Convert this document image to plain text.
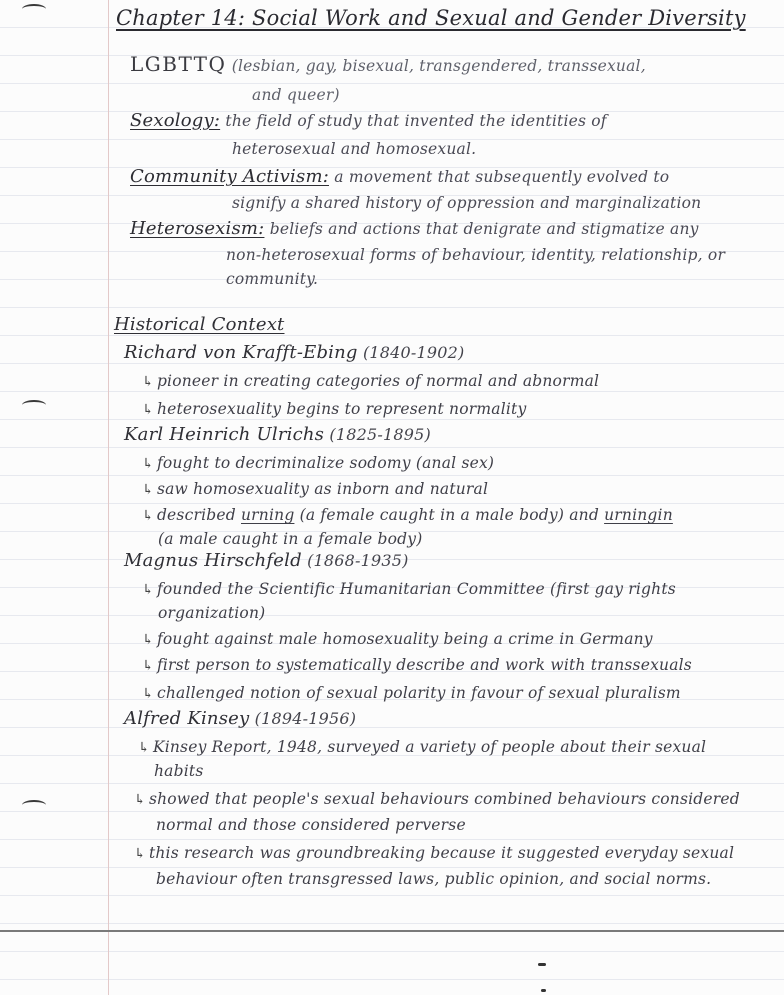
Chapter 14: Social Work and Sexual and Gender Diversity
LGBTTQ (lesbian, gay, bisexual, transgendered, transsexual,
and queer)
Sexology: the field of study that invented the identities of
heterosexual and homosexual.
Community Activism: a movement that subsequently evolved to
signify a shared history of oppression and marginalization
Heterosexism: beliefs and actions that denigrate and stigmatize any
non-heterosexual forms of behaviour, identity, relationship, or
community.
Historical Context
Richard von Krafft-Ebing (1840-1902)
↳ pioneer in creating categories of normal and abnormal
↳ heterosexuality begins to represent normality
Karl Heinrich Ulrichs (1825-1895)
↳ fought to decriminalize sodomy (anal sex)
↳ saw homosexuality as inborn and natural
↳ described urning (a female caught in a male body) and urningin
(a male caught in a female body)
Magnus Hirschfeld (1868-1935)
↳ founded the Scientific Humanitarian Committee (first gay rights
organization)
↳ fought against male homosexuality being a crime in Germany
↳ first person to systematically describe and work with transsexuals
↳ challenged notion of sexual polarity in favour of sexual pluralism
Alfred Kinsey (1894-1956)
↳ Kinsey Report, 1948, surveyed a variety of people about their sexual
habits
↳ showed that people's sexual behaviours combined behaviours considered
normal and those considered perverse
↳ this research was groundbreaking because it suggested everyday sexual
behaviour often transgressed laws, public opinion, and social norms.
